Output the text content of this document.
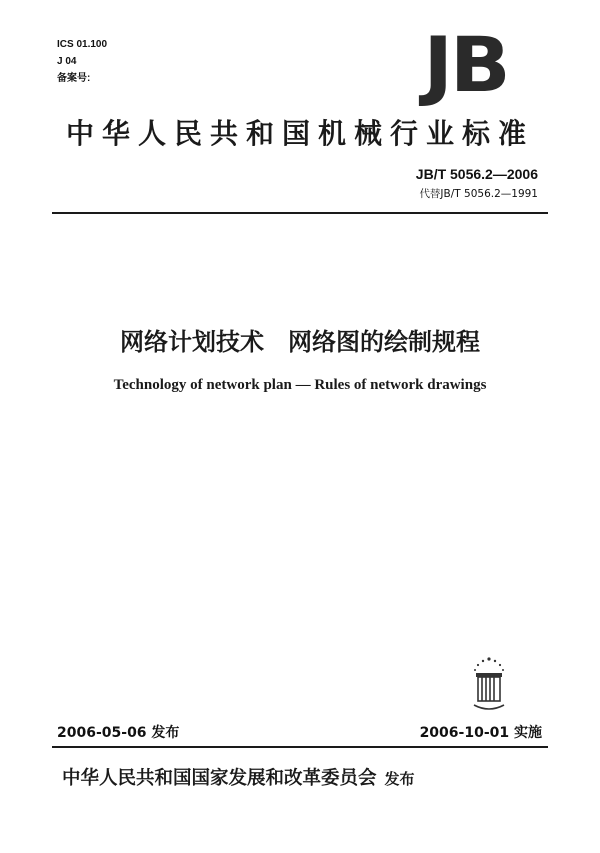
ICS 01.100
J 04
备案号:	JB
中华人民共和国机械行业标准
JB/T 5056.2—2006
代替JB/T 5056.2—1991
网络计划技术　网络图的绘制规程
Technology of network plan — Rules of network drawings
2006-05-06 发布	2006-10-01 实施
中华人民共和国国家发展和改革委员会 发布
